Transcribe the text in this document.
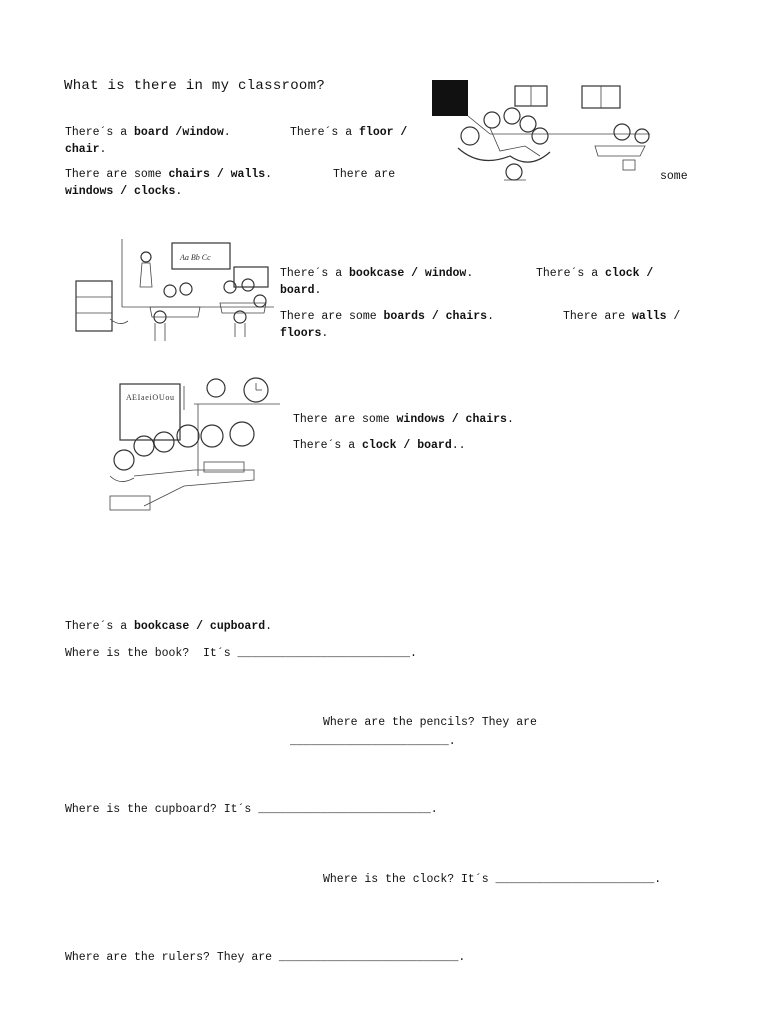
What is there in my classroom?
There´s a board /window.	There´s a floor /
chair.
There are some chairs / walls.	There are	some
windows / clocks.
Aa Bb Cc
There´s a bookcase / window.	There´s a clock /
board.
There are some boards / chairs.	There are walls /
floors.
A E I a e i O U o u
There are some windows / chairs.
There´s a clock / board..
There´s a bookcase / cupboard.
Where is the book?  It´s _________________________.
Where are the pencils? They are
_______________________.
Where is the cupboard? It´s _________________________.
Where is the clock? It´s _______________________.
Where are the rulers? They are __________________________.
